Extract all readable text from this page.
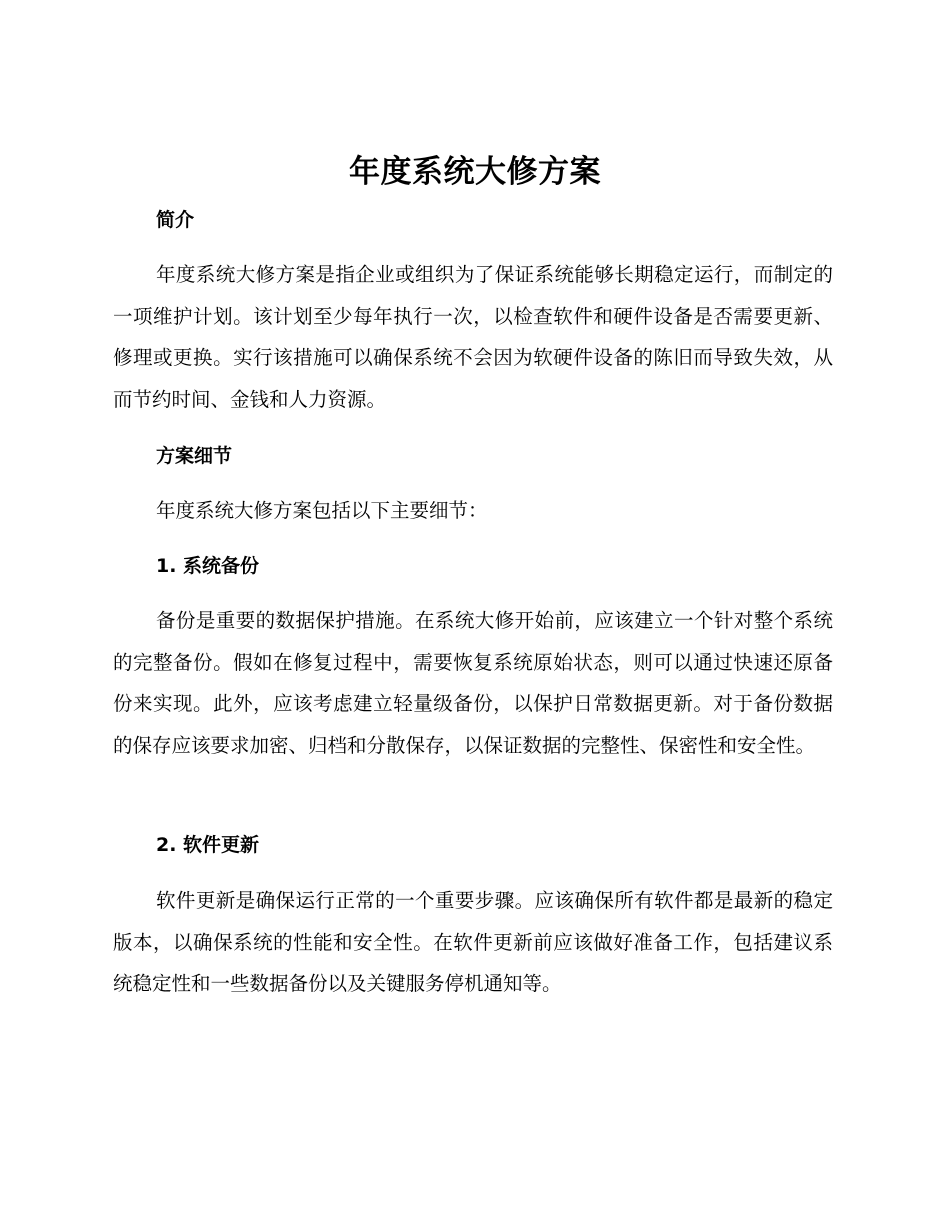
年度系统大修方案
简介

年度系统大修方案是指企业或组织为了保证系统能够长期稳定运行，而制定的一项维护计划。该计划至少每年执行一次，以检查软件和硬件设备是否需要更新、修理或更换。实行该措施可以确保系统不会因为软硬件设备的陈旧而导致失效，从而节约时间、金钱和人力资源。

方案细节

年度系统大修方案包括以下主要细节：

1. 系统备份

备份是重要的数据保护措施。在系统大修开始前，应该建立一个针对整个系统的完整备份。假如在修复过程中，需要恢复系统原始状态，则可以通过快速还原备份来实现。此外，应该考虑建立轻量级备份，以保护日常数据更新。对于备份数据的保存应该要求加密、归档和分散保存，以保证数据的完整性、保密性和安全性。

2. 软件更新

软件更新是确保运行正常的一个重要步骤。应该确保所有软件都是最新的稳定版本，以确保系统的性能和安全性。在软件更新前应该做好准备工作，包括建议系统稳定性和一些数据备份以及关键服务停机通知等。
